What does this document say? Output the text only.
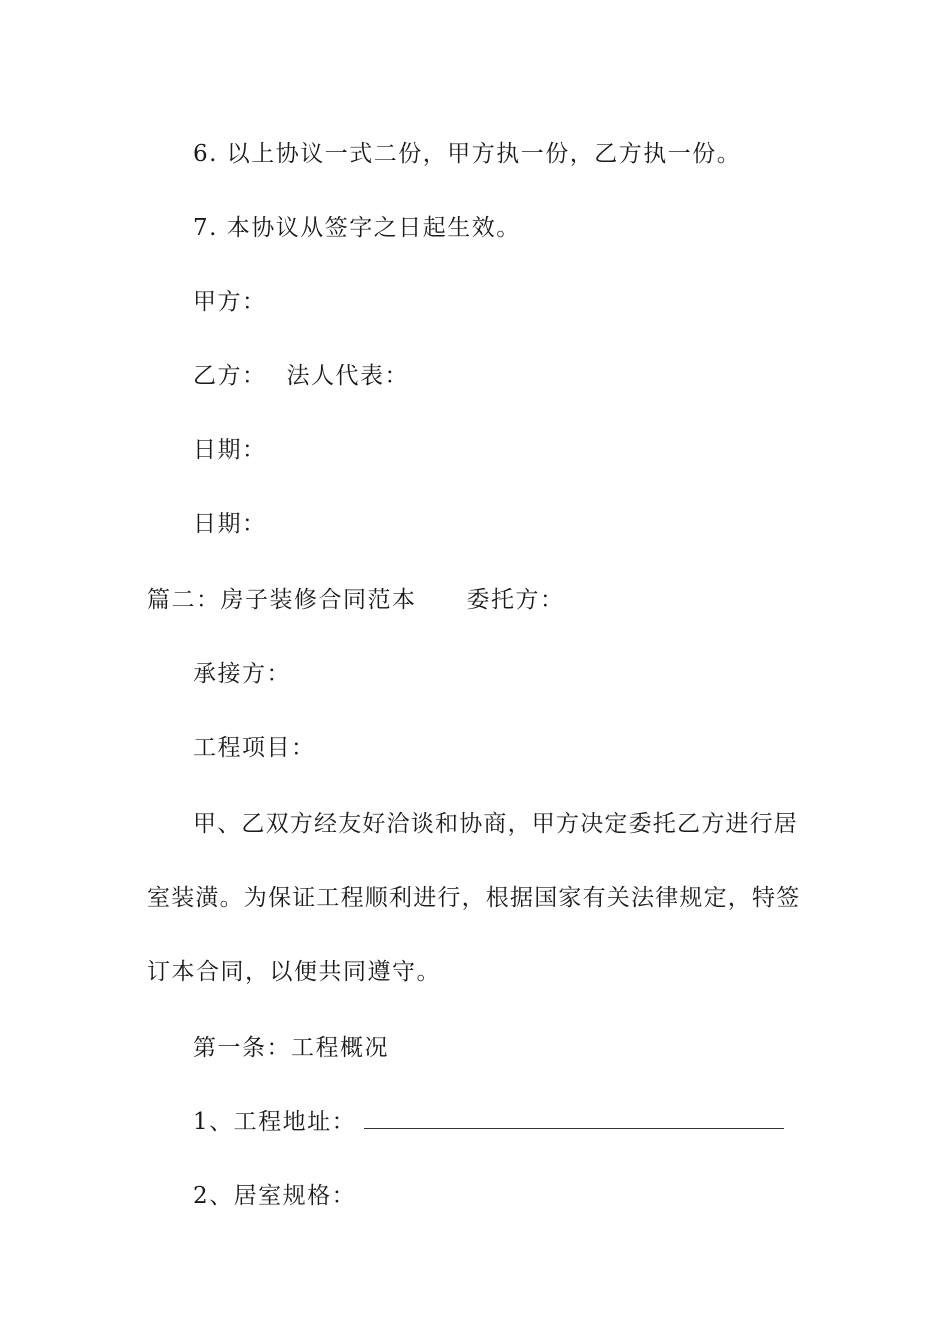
6. 以上协议一式二份，甲方执一份，乙方执一份。
7. 本协议从签字之日起生效。
甲方：
乙方： 法人代表：
日期：
日期：
篇二：房子装修合同范本 委托方：
承接方：
工程项目：
甲、乙双方经友好洽谈和协商，甲方决定委托乙方进行居
室装潢。为保证工程顺利进行，根据国家有关法律规定，特签
订本合同，以便共同遵守。
第一条：工程概况
1、工程地址：
2、居室规格：
